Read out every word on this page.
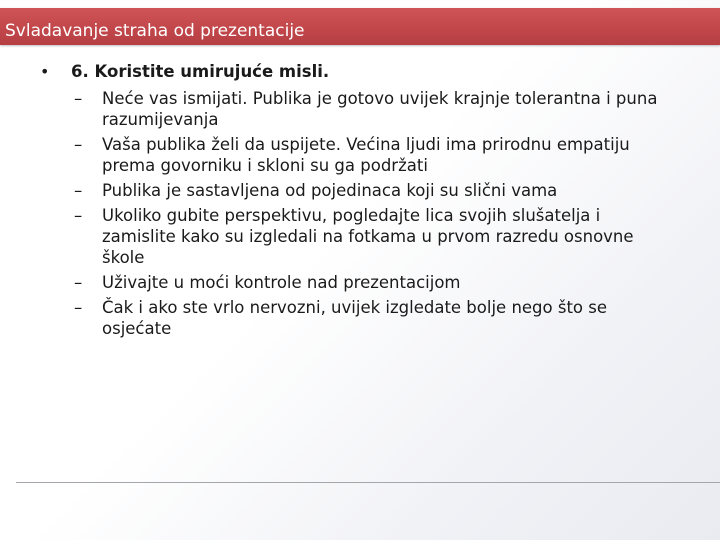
Svladavanje straha od prezentacije
• 6. Koristite umirujuće misli.
– Neće vas ismijati. Publika je gotovo uvijek krajnje tolerantna i puna razumijevanja
– Vaša publika želi da uspijete. Većina ljudi ima prirodnu empatiju prema govorniku i skloni su ga podržati
– Publika je sastavljena od pojedinaca koji su slični vama
– Ukoliko gubite perspektivu, pogledajte lica svojih slušatelja i zamislite kako su izgledali na fotkama u prvom razredu osnovne škole
– Uživajte u moći kontrole nad prezentacijom
– Čak i ako ste vrlo nervozni, uvijek izgledate bolje nego što se osjećate
